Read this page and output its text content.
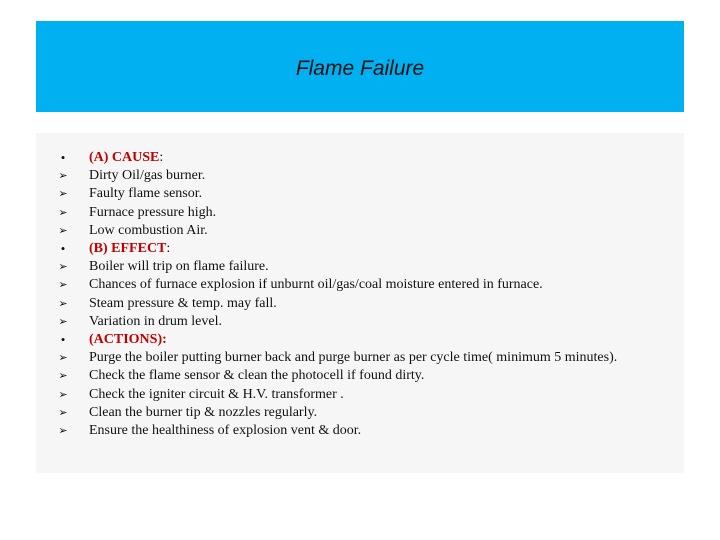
Flame Failure
•	(A) CAUSE:
➢ Dirty Oil/gas burner.
➢ Faulty flame sensor.
➢ Furnace pressure high.
➢ Low combustion Air.
•	(B) EFFECT:
➢ Boiler will trip on flame failure.
➢ Chances of furnace explosion if unburnt oil/gas/coal moisture entered in furnace.
➢ Steam pressure & temp. may fall.
➢ Variation in drum level.
•	(ACTIONS):
➢ Purge the boiler putting burner back and purge burner as per cycle time( minimum 5 minutes).
➢ Check the flame sensor & clean the photocell if found dirty.
➢ Check the igniter circuit & H.V. transformer .
➢ Clean the burner tip & nozzles regularly.
➢ Ensure the healthiness of explosion vent & door.
